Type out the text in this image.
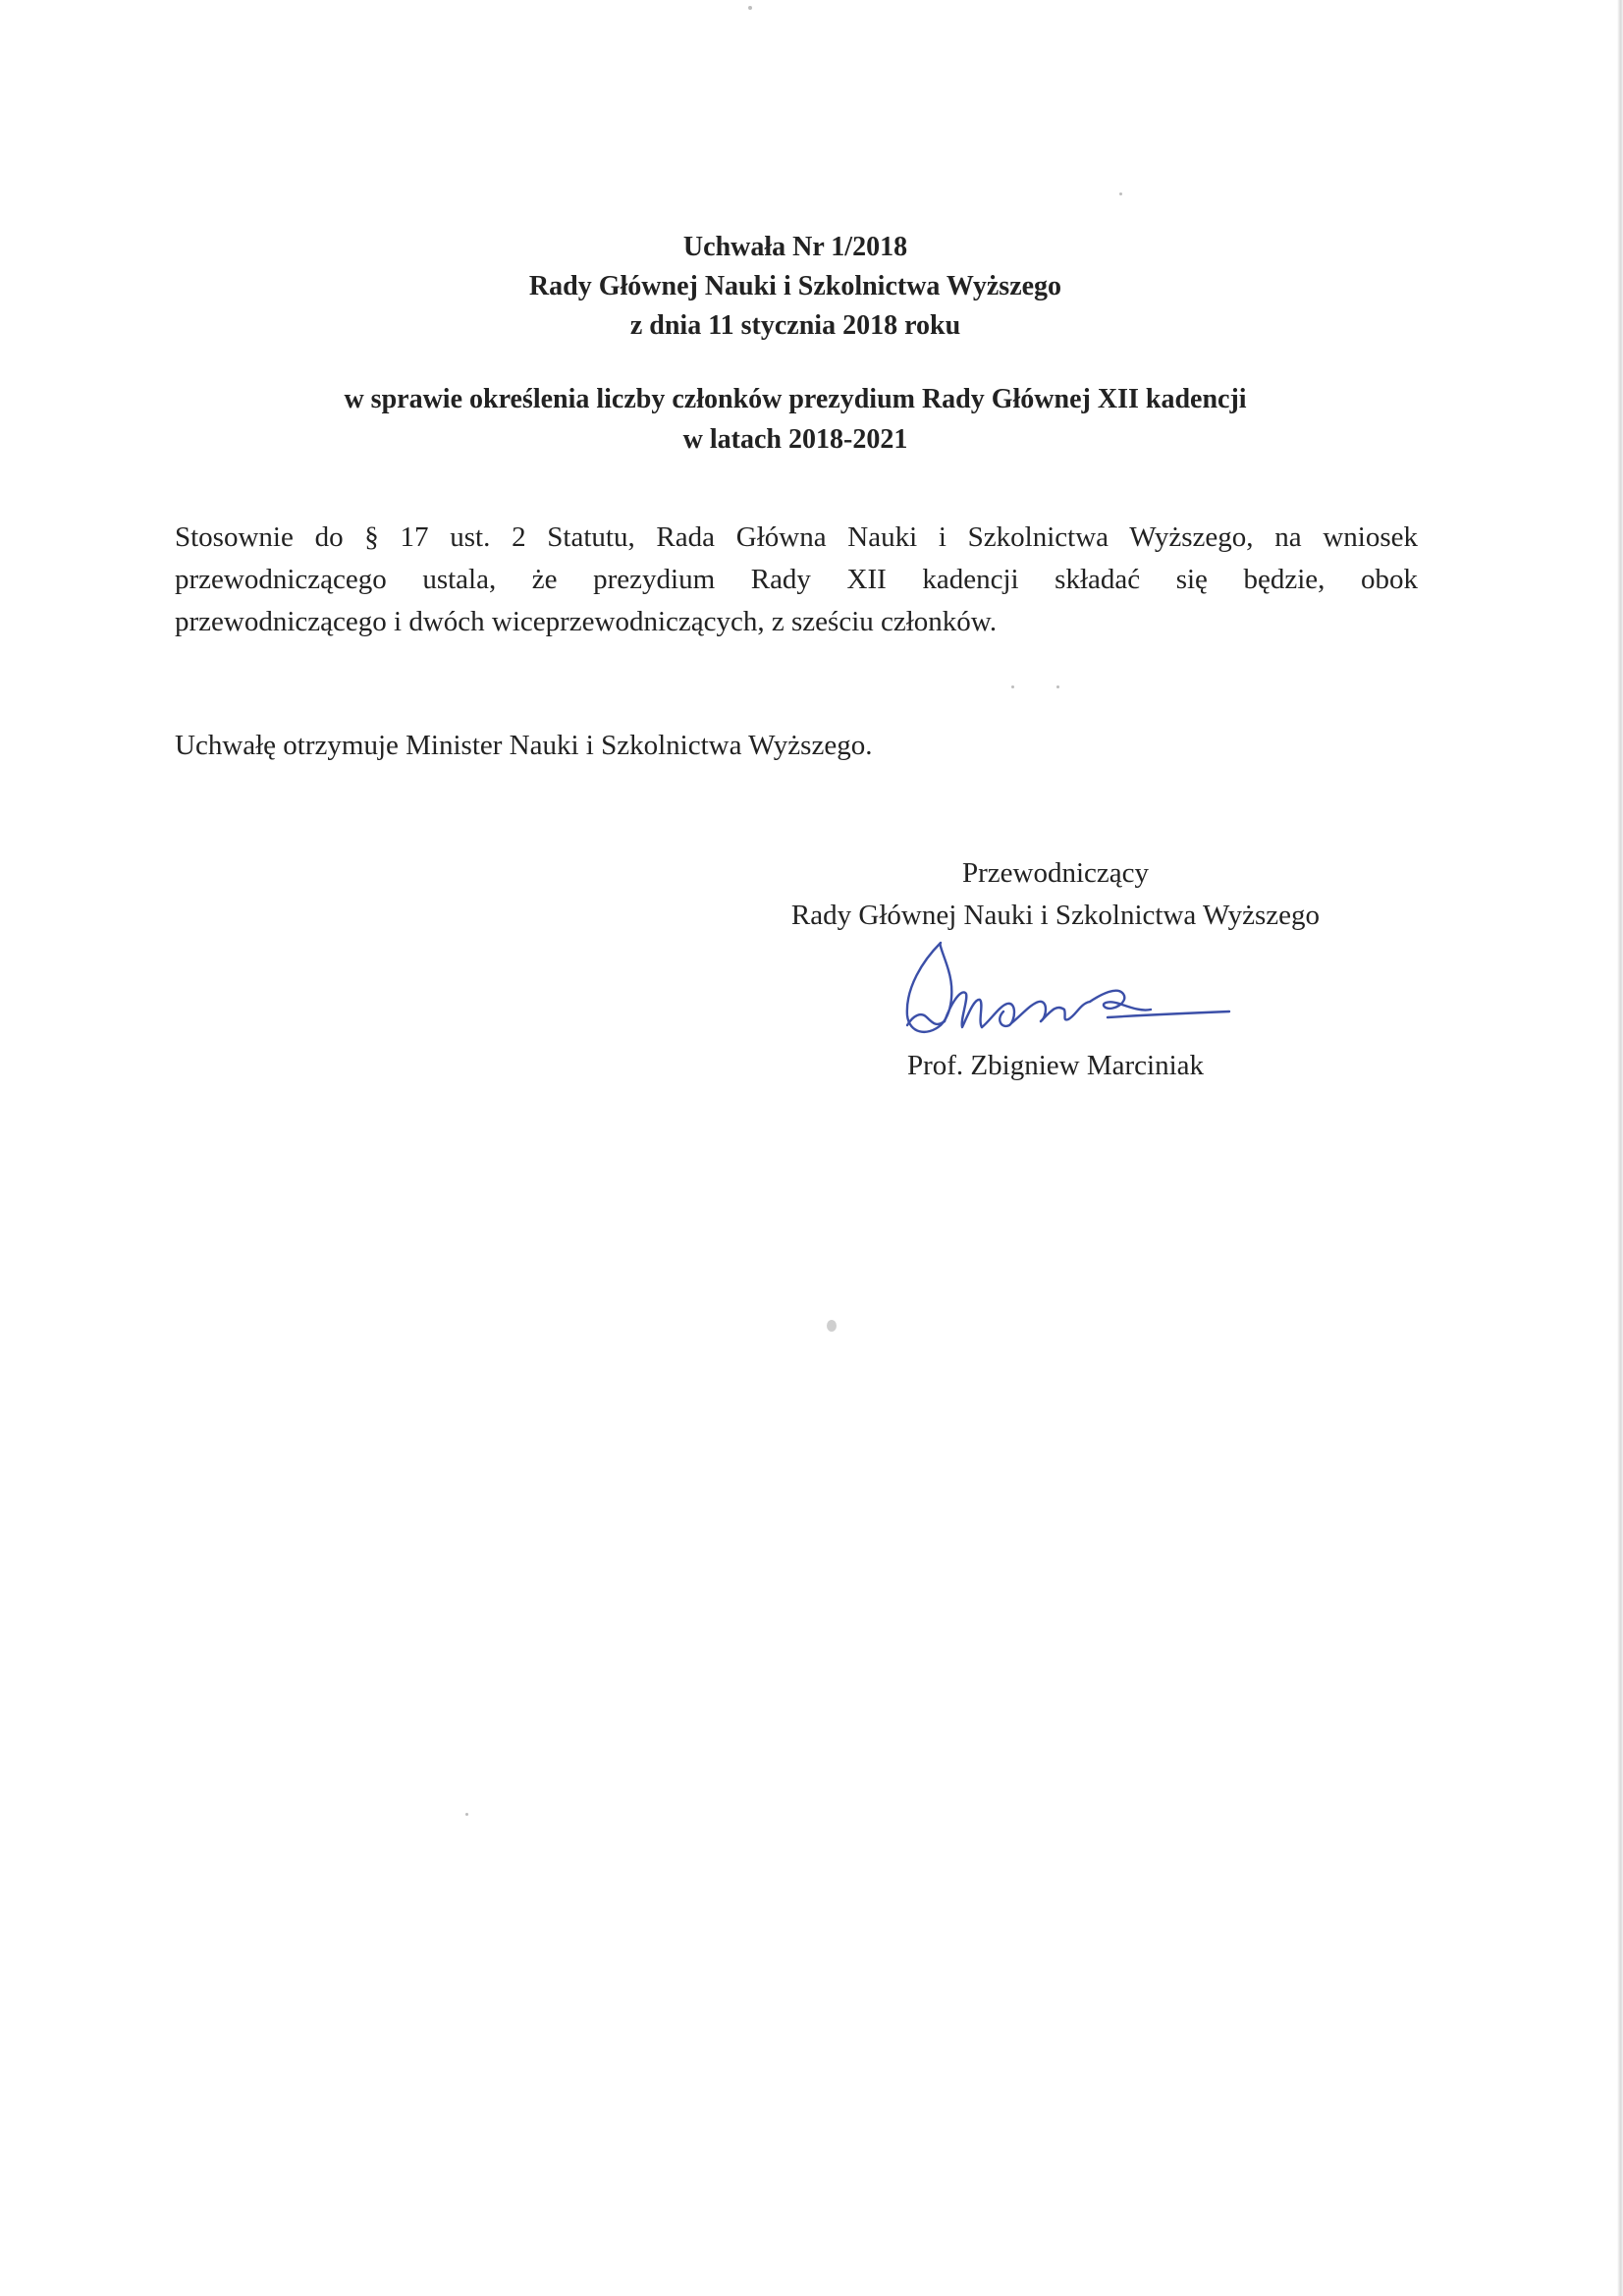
Uchwała Nr 1/2018
Rady Głównej Nauki i Szkolnictwa Wyższego
z dnia 11 stycznia 2018 roku
w sprawie określenia liczby członków prezydium Rady Głównej XII kadencji
w latach 2018-2021
Stosownie do § 17 ust. 2 Statutu, Rada Główna Nauki i Szkolnictwa Wyższego, na wniosek
przewodniczącego ustala, że prezydium Rady XII kadencji składać się będzie, obok
przewodniczącego i dwóch wiceprzewodniczących, z sześciu członków.
Uchwałę otrzymuje Minister Nauki i Szkolnictwa Wyższego.
Przewodniczący
Rady Głównej Nauki i Szkolnictwa Wyższego
Prof. Zbigniew Marciniak
